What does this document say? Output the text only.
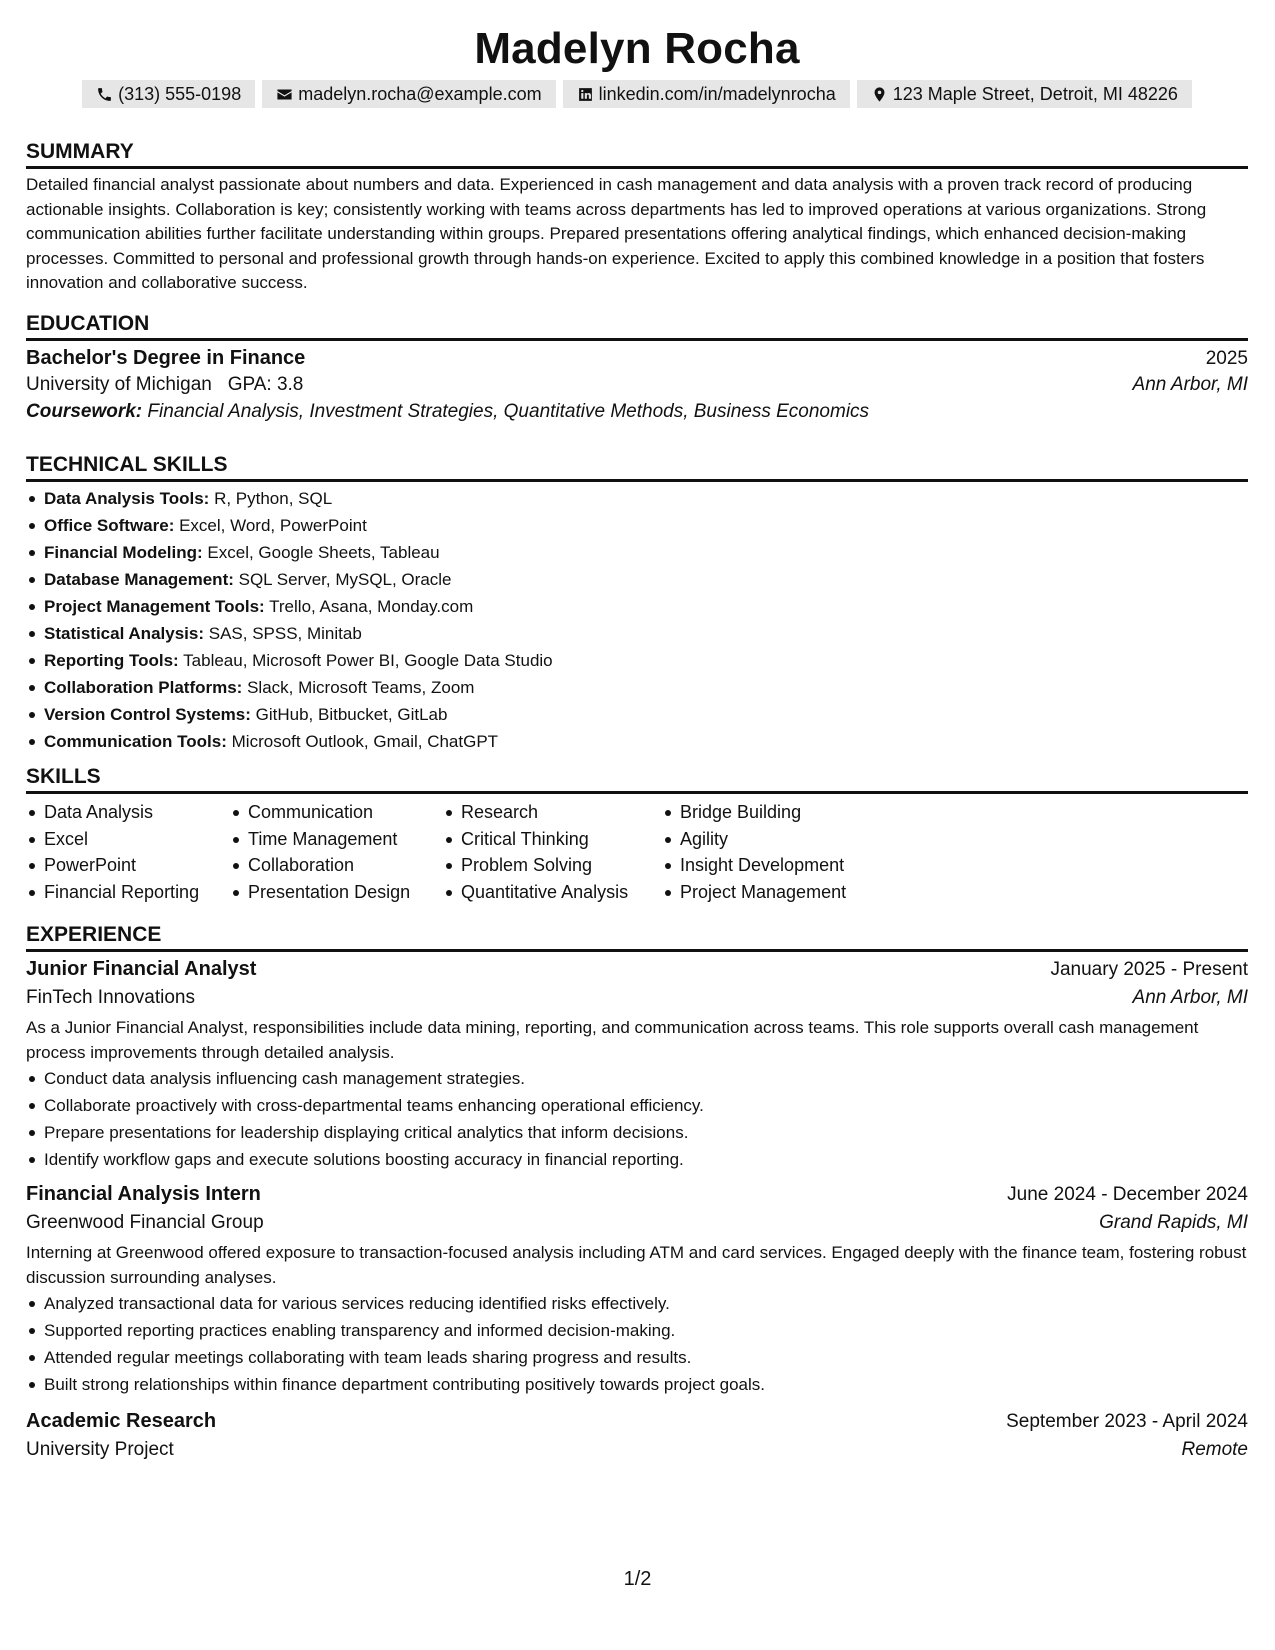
Madelyn Rocha
(313) 555-0198	madelyn.rocha@example.com	linkedin.com/in/madelynrocha	123 Maple Street, Detroit, MI 48226
SUMMARY

Detailed financial analyst passionate about numbers and data. Experienced in cash management and data analysis with a proven track record of producing actionable insights. Collaboration is key; consistently working with teams across departments has led to improved operations at various organizations. Strong communication abilities further facilitate understanding within groups. Prepared presentations offering analytical findings, which enhanced decision-making processes. Committed to personal and professional growth through hands-on experience. Excited to apply this combined knowledge in a position that fosters innovation and collaborative success.

EDUCATION
Bachelor's Degree in Finance	2025
University of Michigan GPA: 3.8	Ann Arbor, MI
Coursework: Financial Analysis, Investment Strategies, Quantitative Methods, Business Economics
TECHNICAL SKILLS
Data Analysis Tools: R, Python, SQL
Office Software: Excel, Word, PowerPoint
Financial Modeling: Excel, Google Sheets, Tableau
Database Management: SQL Server, MySQL, Oracle
Project Management Tools: Trello, Asana, Monday.com
Statistical Analysis: SAS, SPSS, Minitab
Reporting Tools: Tableau, Microsoft Power BI, Google Data Studio
Collaboration Platforms: Slack, Microsoft Teams, Zoom
Version Control Systems: GitHub, Bitbucket, GitLab
Communication Tools: Microsoft Outlook, Gmail, ChatGPT
SKILLS
Data Analysis
Excel
PowerPoint
Financial Reporting
Communication
Time Management
Collaboration
Presentation Design
Research
Critical Thinking
Problem Solving
Quantitative Analysis
Bridge Building
Agility
Insight Development
Project Management
EXPERIENCE
Junior Financial Analyst	January 2025 - Present
FinTech Innovations	Ann Arbor, MI

As a Junior Financial Analyst, responsibilities include data mining, reporting, and communication across teams. This role supports overall cash management process improvements through detailed analysis.

Conduct data analysis influencing cash management strategies.
Collaborate proactively with cross-departmental teams enhancing operational efficiency.
Prepare presentations for leadership displaying critical analytics that inform decisions.
Identify workflow gaps and execute solutions boosting accuracy in financial reporting.
Financial Analysis Intern	June 2024 - December 2024
Greenwood Financial Group	Grand Rapids, MI

Interning at Greenwood offered exposure to transaction-focused analysis including ATM and card services. Engaged deeply with the finance team, fostering robust discussion surrounding analyses.

Analyzed transactional data for various services reducing identified risks effectively.
Supported reporting practices enabling transparency and informed decision-making.
Attended regular meetings collaborating with team leads sharing progress and results.
Built strong relationships within finance department contributing positively towards project goals.
Academic Research	September 2023 - April 2024
University Project	Remote
1/2
